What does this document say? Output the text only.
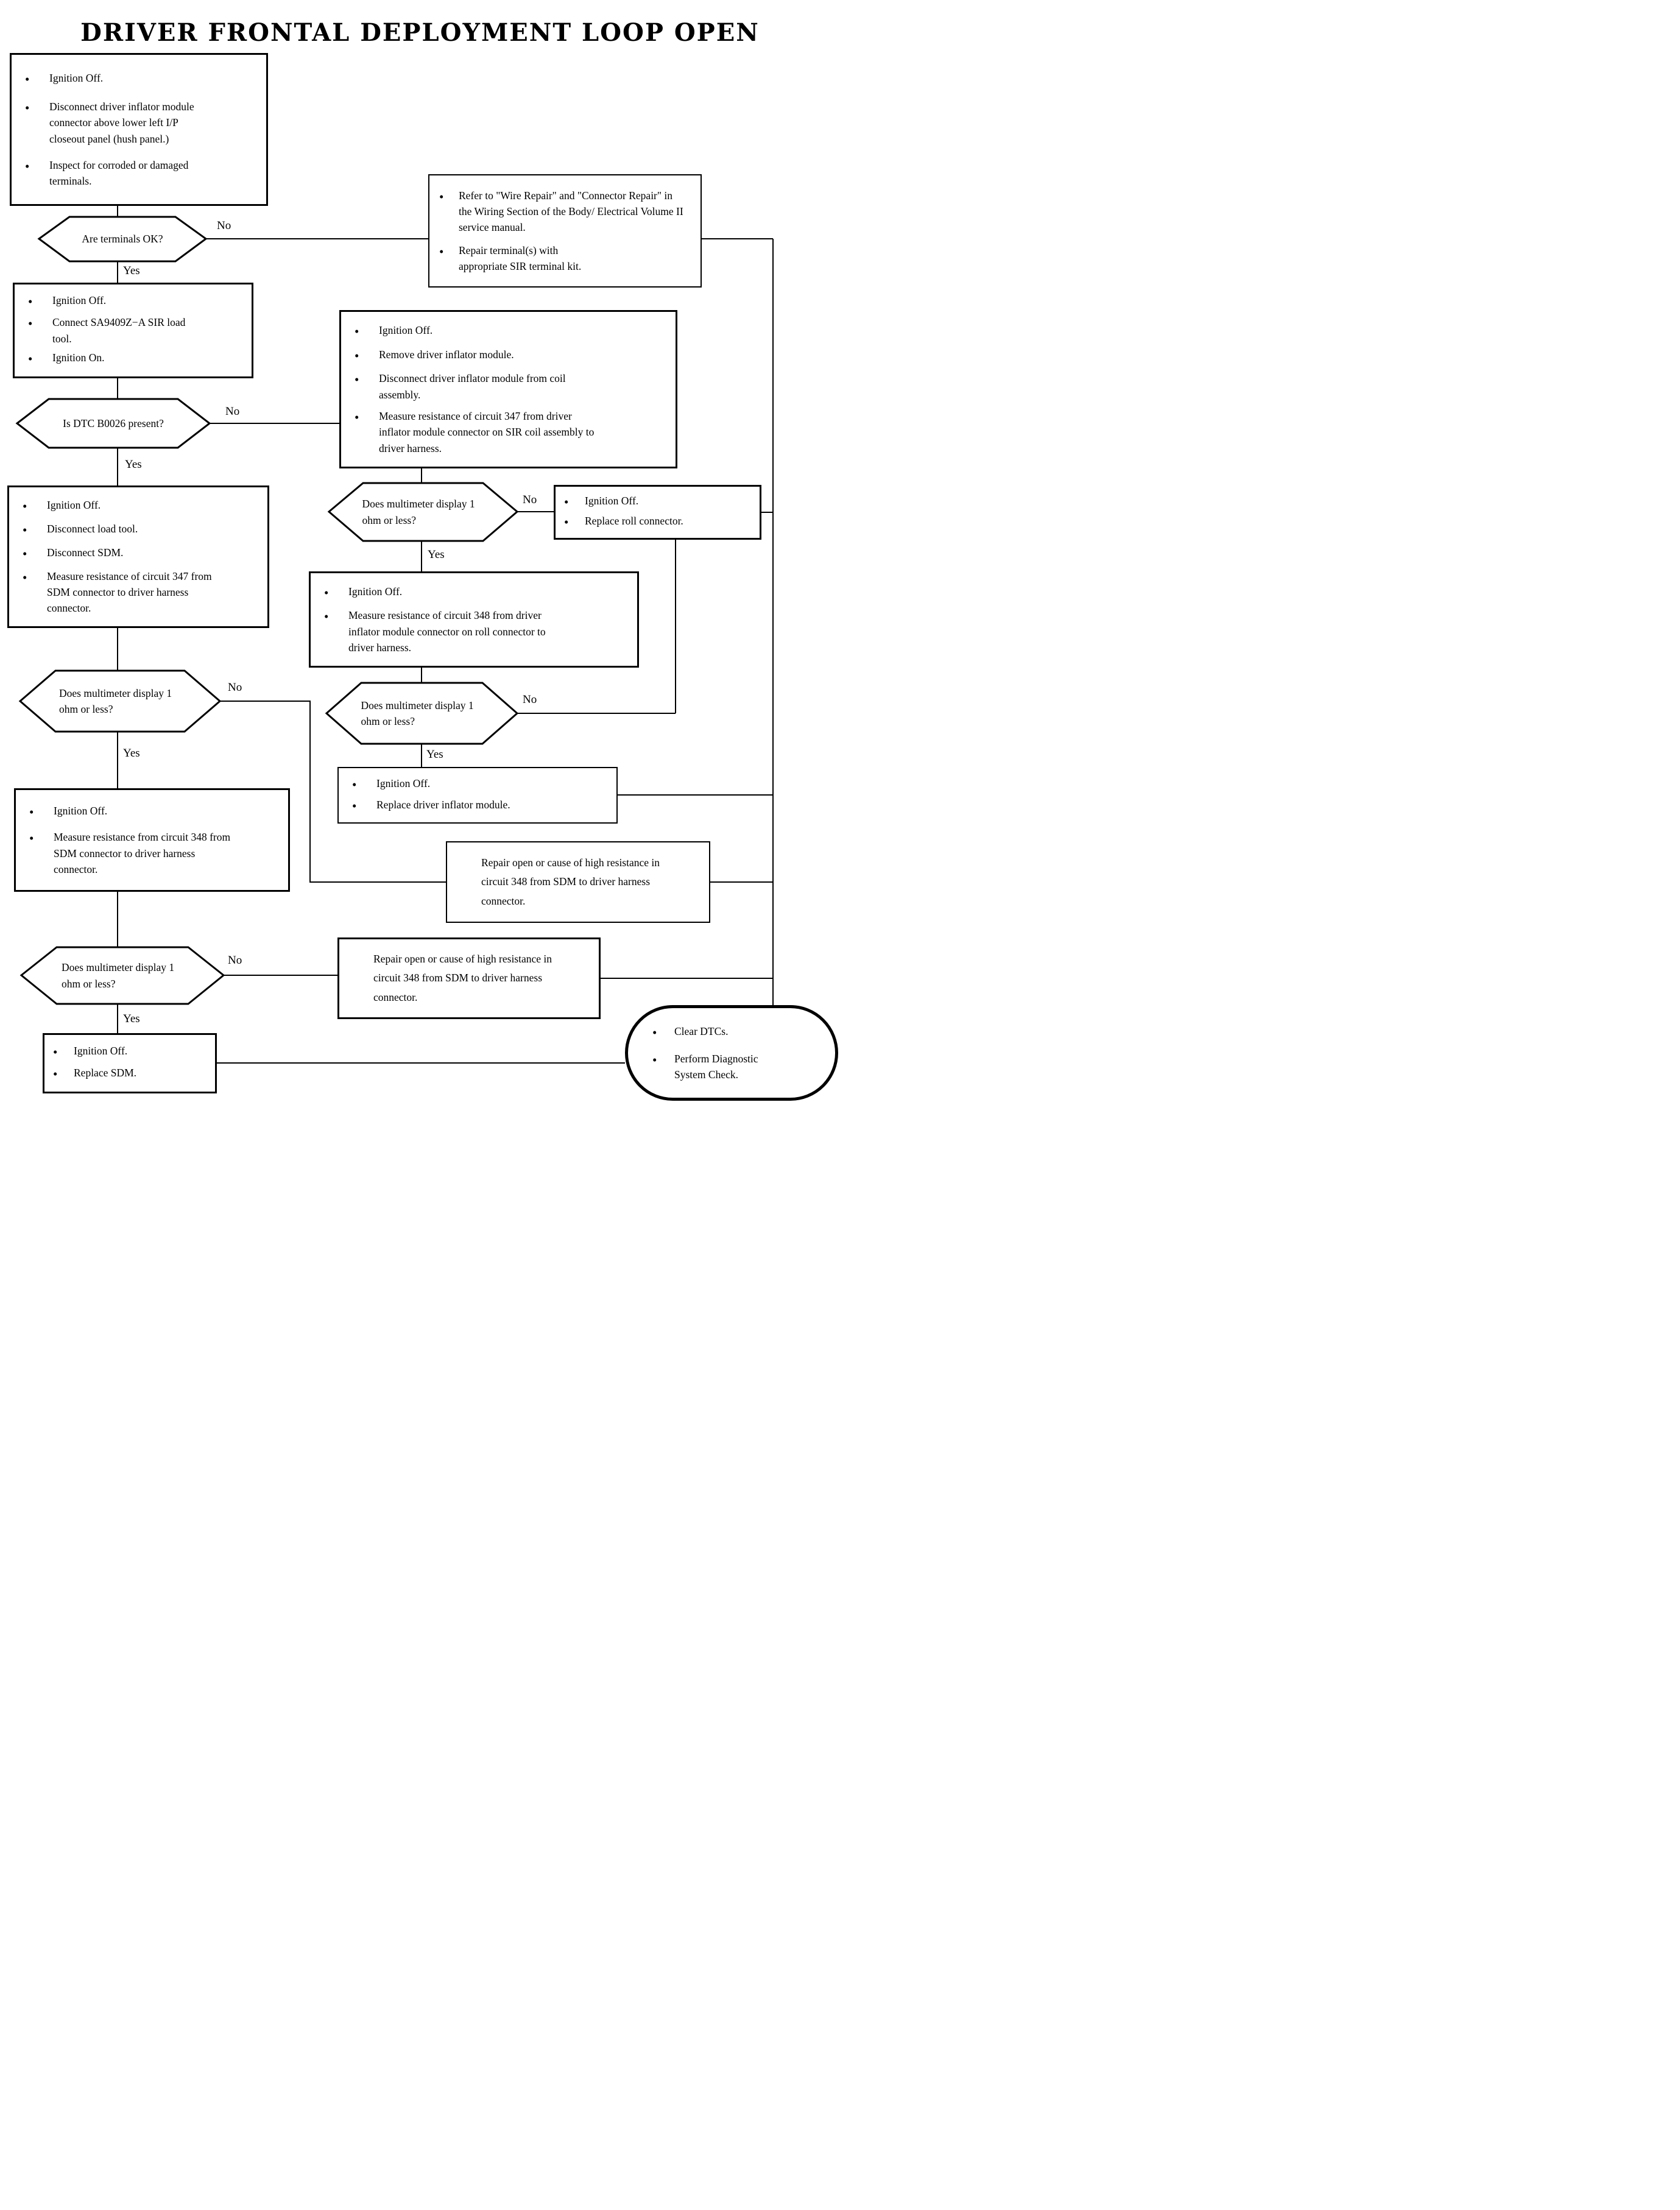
DRIVER FRONTAL DEPLOYMENT LOOP OPEN
•	Ignition Off.
•	Disconnect driver inflator module connector above lower left I/P closeout panel (hush panel.)
•	Inspect for corroded or damaged terminals.
•	Refer to "Wire Repair" and "Connector Repair" in the Wiring Section of the Body/ Electrical Volume II service manual.
•	Repair terminal(s) with appropriate SIR terminal kit.
•	Ignition Off.
•	Connect SA9409Z−A SIR load tool.
•	Ignition On.
•	Ignition Off.
•	Remove driver inflator module.
•	Disconnect driver inflator module from coil assembly.
•	Measure resistance of circuit 347 from driver inflator module connector on SIR coil assembly to driver harness.
•	Ignition Off.
•	Disconnect load tool.
•	Disconnect SDM.
•	Measure resistance of circuit 347 from SDM connector to driver harness connector.
•	Ignition Off.
•	Replace roll connector.
•	Ignition Off.
•	Measure resistance of circuit 348 from driver inflator module connector on roll connector to driver harness.
•	Ignition Off.
•	Replace driver inflator module.
•	Ignition Off.
•	Measure resistance from circuit 348 from SDM connector to driver harness connector.
Repair open or cause of high resistance in circuit 348 from SDM to driver harness connector.
Repair open or cause of high resistance in circuit 348 from SDM to driver harness connector.
•	Ignition Off.
•	Replace SDM.
•	Clear DTCs.
•	Perform Diagnostic System Check.
Are terminals OK?
Is DTC B0026 present?
Does multimeter display 1 ohm or less?
Does multimeter display 1 ohm or less?	Does multimeter display 1 ohm or less?
Does multimeter display 1 ohm or less?
No
Yes
No
Yes
No
Yes
No
Yes
No
Yes
No
Yes
